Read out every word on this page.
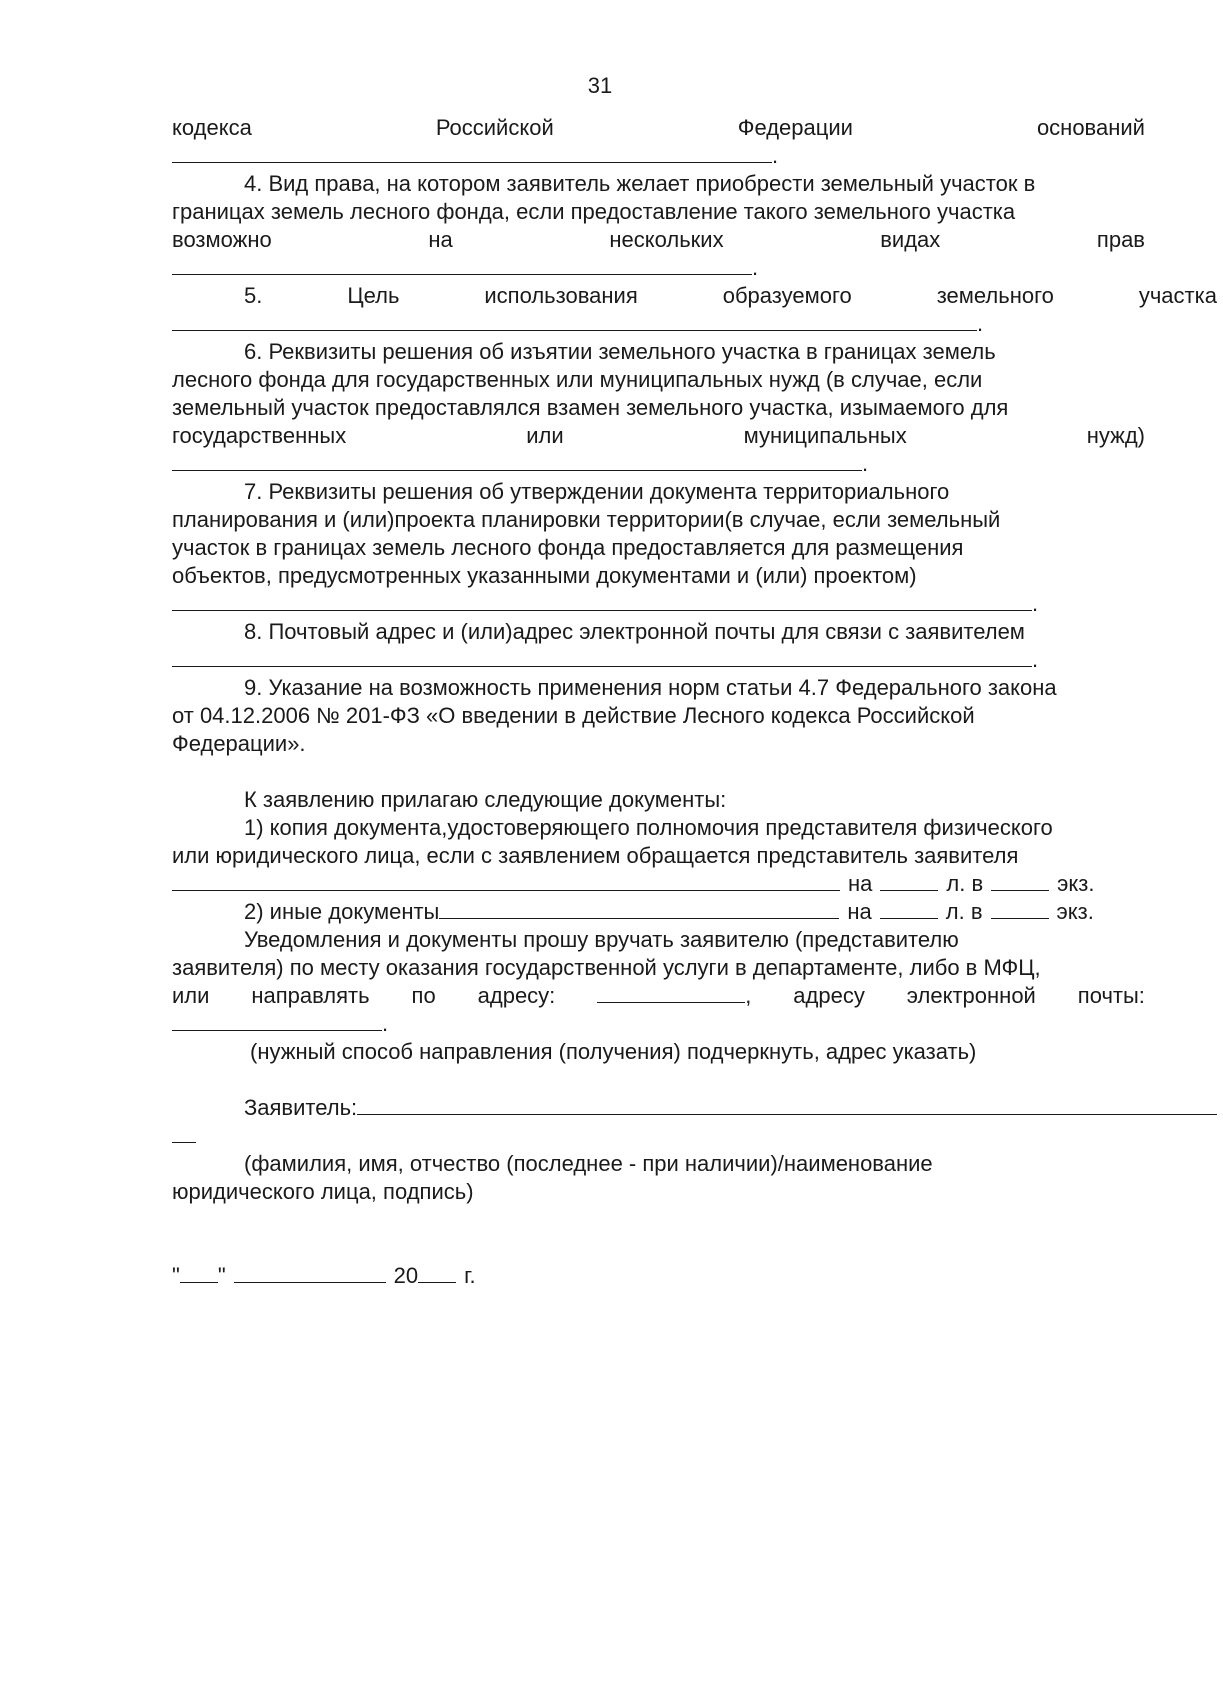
31
кодекса	Российской	Федерации	оснований
.
4. Вид права, на котором заявитель желает приобрести земельный участок в
границах земель лесного фонда, если предоставление такого земельного участка
возможно	на	нескольких	видах	прав
.
5.	Цель	использования	образуемого	земельного	участка
.
6. Реквизиты решения об изъятии земельного участка в границах земель
лесного фонда для государственных или муниципальных нужд (в случае, если
земельный участок предоставлялся взамен земельного участка, изымаемого для
государственных	или	муниципальных	нужд)
.
7. Реквизиты решения об утверждении документа территориального
планирования и (или)проекта планировки территории(в случае, если земельный
участок в границах земель лесного фонда предоставляется для размещения
объектов, предусмотренных указанными документами и (или) проектом)
.
8. Почтовый адрес и (или)адрес электронной почты для связи с заявителем
.
9. Указание на возможность применения норм статьи 4.7 Федерального закона
от 04.12.2006 № 201-ФЗ «О введении в действие Лесного кодекса Российской
Федерации».
К заявлению прилагаю следующие документы:
1) копия документа,удостоверяющего полномочия представителя физического
или юридического лица, если с заявлением обращается представитель заявителя
на	л. в	экз.
2) иные документы	на	л. в	экз.
Уведомления и документы прошу вручать заявителю (представителю
заявителя) по месту оказания государственной услуги в департаменте, либо в МФЦ,
или направлять по адресу:	, адресу электронной почты:
.
(нужный способ направления (получения) подчеркнуть, адрес указать)
Заявитель:
(фамилия, имя, отчество (последнее - при наличии)/наименование
юридического лица, подпись)
" "	20 г.
